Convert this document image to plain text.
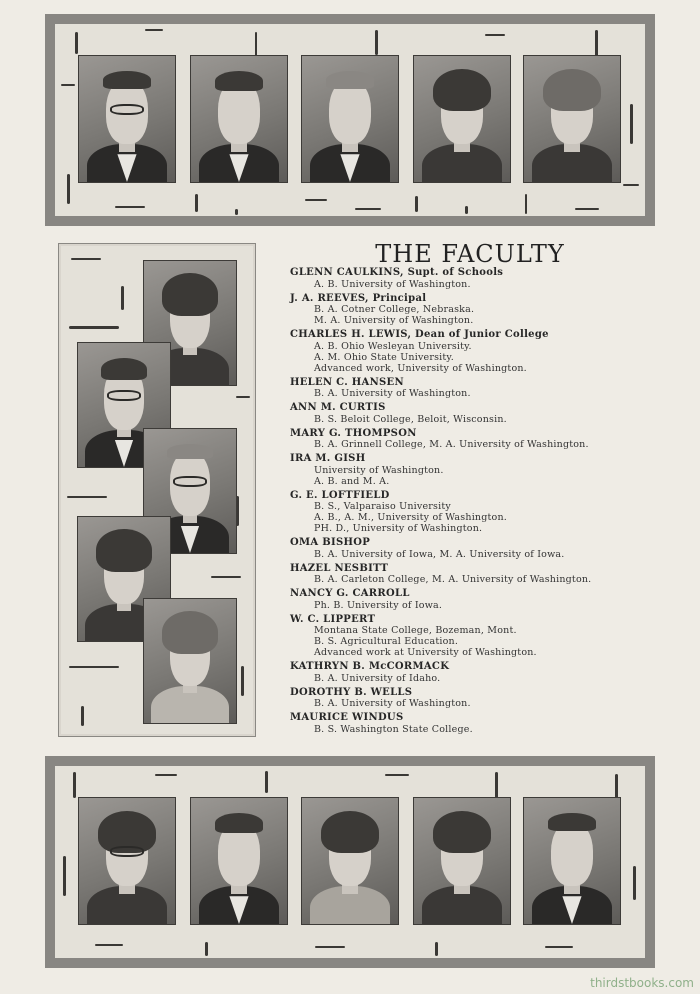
THE FACULTY
GLENN CAULKINS, Supt. of Schools
A. B. University of Washington.
J. A. REEVES, Principal
B. A. Cotner College, Nebraska.
M. A. University of Washington.
CHARLES H. LEWIS, Dean of Junior College
A. B. Ohio Wesleyan University.
A. M. Ohio State University.
Advanced work, University of Washington.
HELEN C. HANSEN
B. A. University of Washington.
ANN M. CURTIS
B. S. Beloit College, Beloit, Wisconsin.
MARY G. THOMPSON
B. A. Grinnell College, M. A. University of Washington.
IRA M. GISH
University of Washington.
A. B. and M. A.
G. E. LOFTFIELD
B. S., Valparaiso University
A. B., A. M., University of Washington.
PH. D., University of Washington.
OMA BISHOP
B. A. University of Iowa, M. A. University of Iowa.
HAZEL NESBITT
B. A. Carleton College, M. A. University of Washington.
NANCY G. CARROLL
Ph. B. University of Iowa.
W. C. LIPPERT
Montana State College, Bozeman, Mont.
B. S. Agricultural Education.
Advanced work at University of Washington.
KATHRYN B. McCORMACK
B. A. University of Idaho.
DOROTHY B. WELLS
B. A. University of Washington.
MAURICE WINDUS
B. S. Washington State College.
thirdstbooks.com
